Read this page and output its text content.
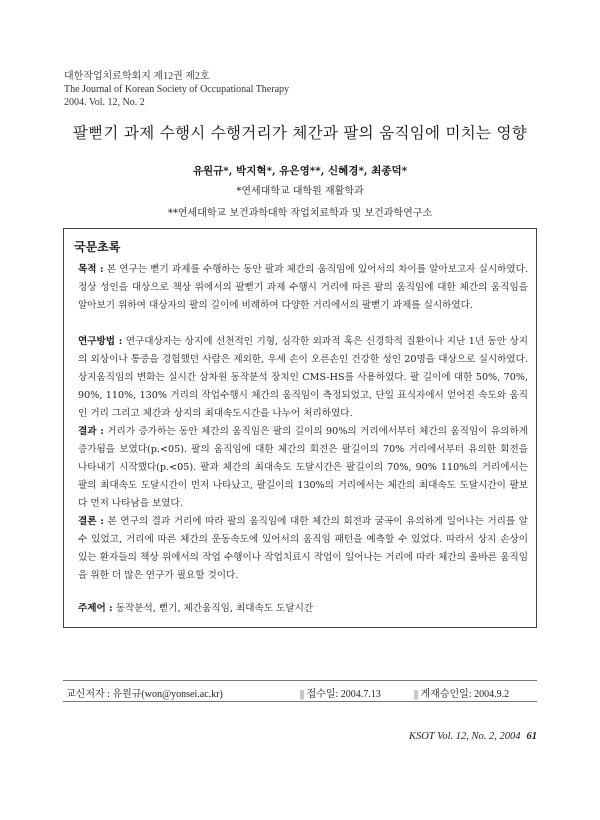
대한작업치료학회지 제12권 제2호
The Journal of Korean Society of Occupational Therapy
2004. Vol. 12, No. 2
팔뻗기 과제 수행시 수행거리가 체간과 팔의 움직임에 미치는 영향
유원규*, 박지혁*, 유은영**, 신혜경*, 최종덕*
*연세대학교 대학원 재활학과
**연세대학교 보건과학대학 작업치료학과 및 보건과학연구소
국문초록
목적 : 본 연구는 뻗기 과제를 수행하는 동안 팔과 체간의 움직임에 있어서의 차이를 알아보고자 실시하였다. 정상 성인을 대상으로 책상 위에서의 팔뻗기 과제 수행시 거리에 따른 팔의 움직임에 대한 체간의 움직임을 알아보기 위하여 대상자의 팔의 길이에 비례하여 다양한 거리에서의 팔뻗기 과제를 실시하였다.
연구방법 : 연구대상자는 상지에 선천적인 기형, 심각한 외과적 혹은 신경학적 질환이나 지난 1년 동안 상지의 외상이나 통증을 경험했던 사람은 제외한, 우세 손이 오른손인 건강한 성인 20명을 대상으로 실시하였다. 상지움직임의 변화는 실시간 삼차원 동작분석 장치인 CMS-HS를 사용하였다. 팔 길이에 대한 50%, 70%, 90%, 110%, 130% 거리의 작업수행시 체간의 움직임이 측정되었고, 단일 표식자에서 얻어진 속도와 움직인 거리 그리고 체간과 상지의 최대속도시간을 나누어 처리하였다.
결과 : 거리가 증가하는 동안 체간의 움직임은 팔의 길이의 90%의 거리에서부터 체간의 움직임이 유의하게 증가됨을 보였다(p.<05). 팔의 움직임에 대한 체간의 회전은 팔길이의 70% 거리에서부터 유의한 회전을 나타내기 시작했다(p.<05). 팔과 체간의 최대속도 도달시간은 팔길이의 70%, 90% 110%의 거리에서는 팔의 최대속도 도달시간이 먼저 나타났고, 팔길이의 130%의 거리에서는 체간의 최대속도 도달시간이 팔보다 먼저 나타남을 보였다.
결론 : 본 연구의 결과 거리에 따라 팔의 움직임에 대한 체간의 회전과 굴곡이 유의하게 일어나는 거리를 알 수 있었고, 거리에 따른 체간의 운동속도에 있어서의 움직임 패턴을 예측할 수 있었다. 따라서 상지 손상이 있는 환자들의 책상 위에서의 작업 수행이나 작업치료시 작업이 일어나는 거리에 따라 체간의 올바른 움직임을 위한 더 많은 연구가 필요할 것이다.
주제어 : 동작분석, 뻗기, 체간움직임, 최대속도 도달시간
교신저자 : 유원규(won@yonsei.ac.kr)	|| 접수일: 2004.7.13	|| 게재승인일: 2004.9.2
KSOT Vol. 12, No. 2, 2004 61
